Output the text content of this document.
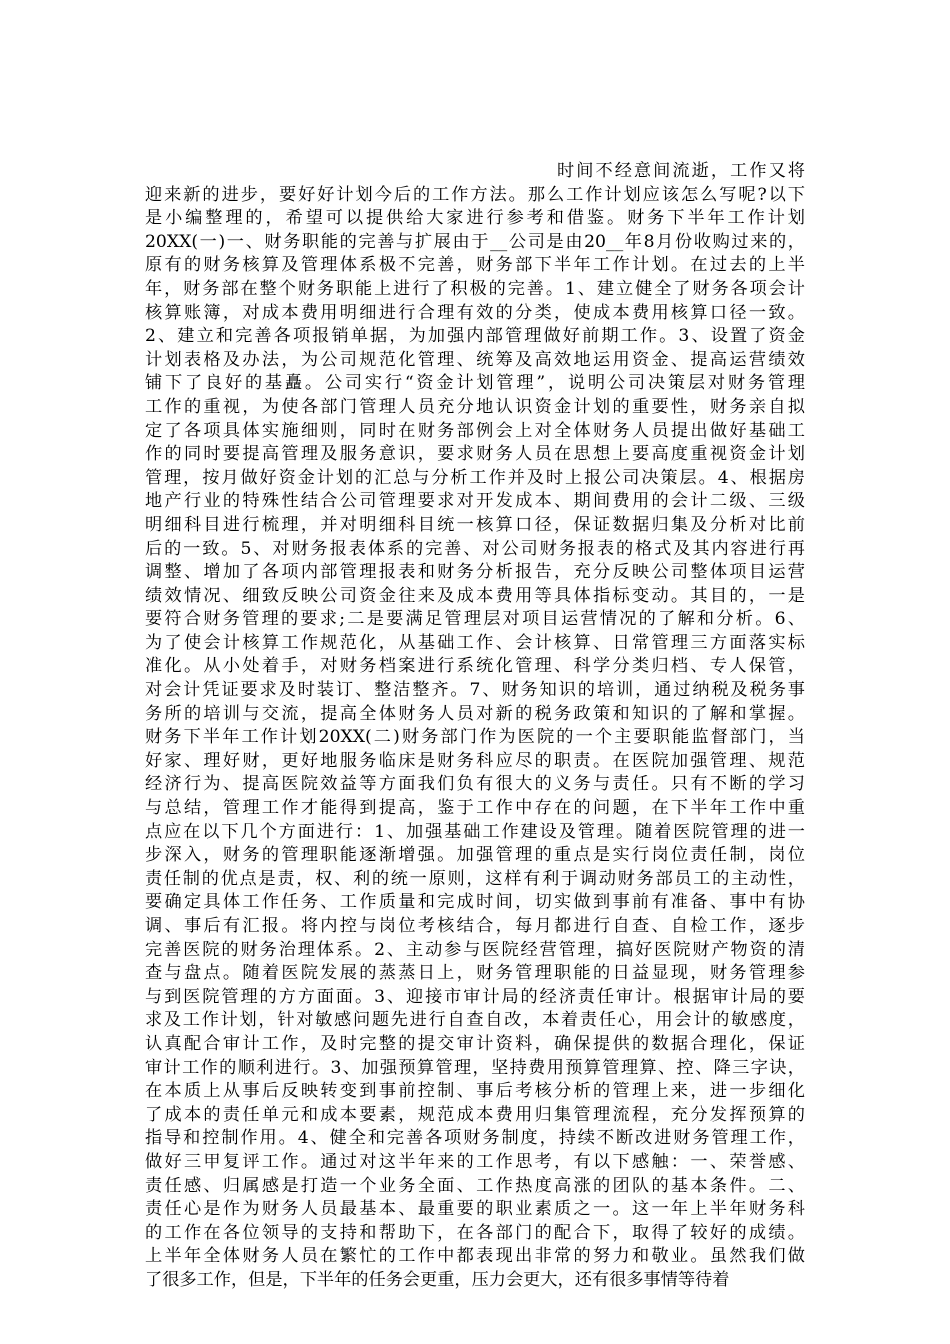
时间不经意间流逝，工作又将
迎来新的进步，要好好计划今后的工作方法。那么工作计划应该怎么写呢?以下
是小编整理的，希望可以提供给大家进行参考和借鉴。财务下半年工作计划
20XX(一)一、财务职能的完善与扩展由于__公司是由20__年8月份收购过来的，
原有的财务核算及管理体系极不完善，财务部下半年工作计划。在过去的上半
年，财务部在整个财务职能上进行了积极的完善。1、建立健全了财务各项会计
核算账簿，对成本费用明细进行合理有效的分类，使成本费用核算口径一致。
2、建立和完善各项报销单据，为加强内部管理做好前期工作。3、设置了资金
计划表格及办法，为公司规范化管理、统筹及高效地运用资金、提高运营绩效
铺下了良好的基矗。公司实行“资金计划管理”，说明公司决策层对财务管理
工作的重视，为使各部门管理人员充分地认识资金计划的重要性，财务亲自拟
定了各项具体实施细则，同时在财务部例会上对全体财务人员提出做好基础工
作的同时要提高管理及服务意识，要求财务人员在思想上要高度重视资金计划
管理，按月做好资金计划的汇总与分析工作并及时上报公司决策层。4、根据房
地产行业的特殊性结合公司管理要求对开发成本、期间费用的会计二级、三级
明细科目进行梳理，并对明细科目统一核算口径，保证数据归集及分析对比前
后的一致。5、对财务报表体系的完善、对公司财务报表的格式及其内容进行再
调整、增加了各项内部管理报表和财务分析报告，充分反映公司整体项目运营
绩效情况、细致反映公司资金往来及成本费用等具体指标变动。其目的，一是
要符合财务管理的要求;二是要满足管理层对项目运营情况的了解和分析。6、
为了使会计核算工作规范化，从基础工作、会计核算、日常管理三方面落实标
准化。从小处着手，对财务档案进行系统化管理、科学分类归档、专人保管，
对会计凭证要求及时装订、整洁整齐。7、财务知识的培训，通过纳税及税务事
务所的培训与交流，提高全体财务人员对新的税务政策和知识的了解和掌握。
财务下半年工作计划20XX(二)财务部门作为医院的一个主要职能监督部门，当
好家、理好财，更好地服务临床是财务科应尽的职责。在医院加强管理、规范
经济行为、提高医院效益等方面我们负有很大的义务与责任。只有不断的学习
与总结，管理工作才能得到提高，鉴于工作中存在的问题，在下半年工作中重
点应在以下几个方面进行：1、加强基础工作建设及管理。随着医院管理的进一
步深入，财务的管理职能逐渐增强。加强管理的重点是实行岗位责任制，岗位
责任制的优点是责，权、利的统一原则，这样有利于调动财务部员工的主动性，
要确定具体工作任务、工作质量和完成时间，切实做到事前有准备、事中有协
调、事后有汇报。将内控与岗位考核结合，每月都进行自查、自检工作，逐步
完善医院的财务治理体系。2、主动参与医院经营管理，搞好医院财产物资的清
查与盘点。随着医院发展的蒸蒸日上，财务管理职能的日益显现，财务管理参
与到医院管理的方方面面。3、迎接市审计局的经济责任审计。根据审计局的要
求及工作计划，针对敏感问题先进行自查自改，本着责任心，用会计的敏感度，
认真配合审计工作，及时完整的提交审计资料，确保提供的数据合理化，保证
审计工作的顺利进行。3、加强预算管理，坚持费用预算管理算、控、降三字诀，
在本质上从事后反映转变到事前控制、事后考核分析的管理上来，进一步细化
了成本的责任单元和成本要素，规范成本费用归集管理流程，充分发挥预算的
指导和控制作用。4、健全和完善各项财务制度，持续不断改进财务管理工作，
做好三甲复评工作。通过对这半年来的工作思考，有以下感触：一、荣誉感、
责任感、归属感是打造一个业务全面、工作热度高涨的团队的基本条件。二、
责任心是作为财务人员最基本、最重要的职业素质之一。这一年上半年财务科
的工作在各位领导的支持和帮助下，在各部门的配合下，取得了较好的成绩。
上半年全体财务人员在繁忙的工作中都表现出非常的努力和敬业。虽然我们做
了很多工作，但是，下半年的任务会更重，压力会更大，还有很多事情等待着
